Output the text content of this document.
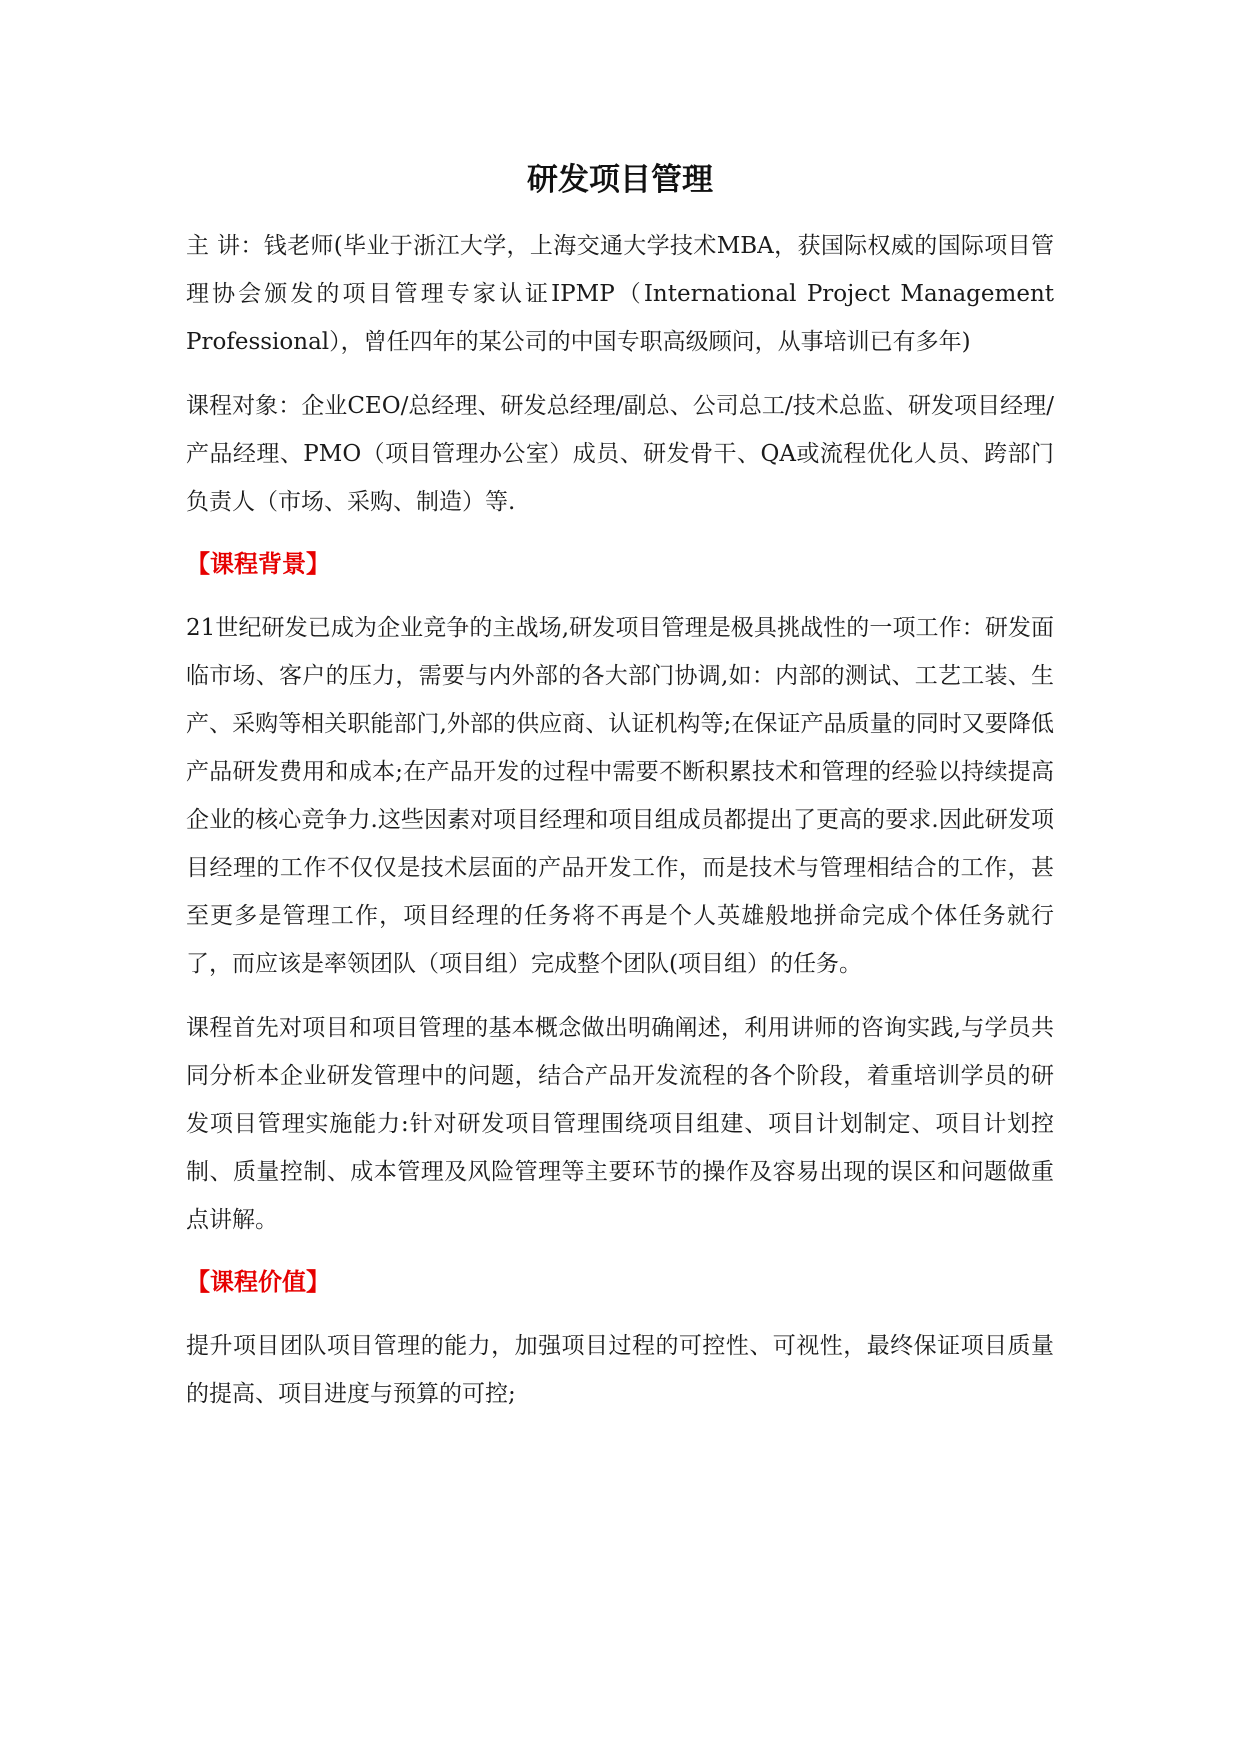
研发项目管理

主 讲：钱老师(毕业于浙江大学，上海交通大学技术MBA，获国际权威的国际项目管理协会颁发的项目管理专家认证IPMP（International Project Management Professional），曾任四年的某公司的中国专职高级顾问，从事培训已有多年)

课程对象：企业CEO/总经理、研发总经理/副总、公司总工/技术总监、研发项目经理/产品经理、PMO（项目管理办公室）成员、研发骨干、QA或流程优化人员、跨部门负责人（市场、采购、制造）等.

【课程背景】

21世纪研发已成为企业竞争的主战场,研发项目管理是极具挑战性的一项工作：研发面临市场、客户的压力，需要与内外部的各大部门协调,如：内部的测试、工艺工装、生产、采购等相关职能部门,外部的供应商、认证机构等;在保证产品质量的同时又要降低产品研发费用和成本;在产品开发的过程中需要不断积累技术和管理的经验以持续提高企业的核心竞争力.这些因素对项目经理和项目组成员都提出了更高的要求.因此研发项目经理的工作不仅仅是技术层面的产品开发工作，而是技术与管理相结合的工作，甚至更多是管理工作，项目经理的任务将不再是个人英雄般地拼命完成个体任务就行了，而应该是率领团队（项目组）完成整个团队(项目组）的任务。

课程首先对项目和项目管理的基本概念做出明确阐述，利用讲师的咨询实践,与学员共同分析本企业研发管理中的问题，结合产品开发流程的各个阶段，着重培训学员的研发项目管理实施能力:针对研发项目管理围绕项目组建、项目计划制定、项目计划控制、质量控制、成本管理及风险管理等主要环节的操作及容易出现的误区和问题做重点讲解。

【课程价值】

提升项目团队项目管理的能力，加强项目过程的可控性、可视性，最终保证项目质量的提高、项目进度与预算的可控;
